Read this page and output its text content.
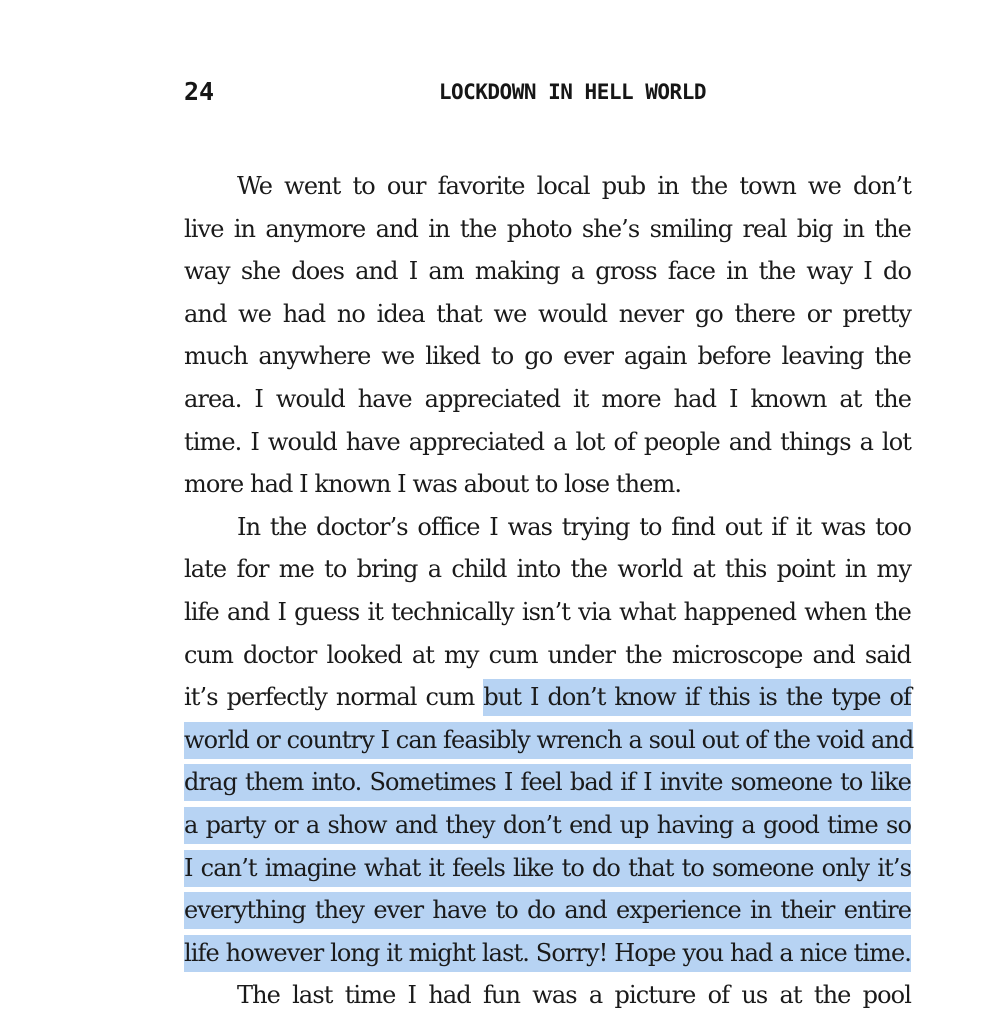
24	LOCKDOWN IN HELL WORLD
We went to our favorite local pub in the town we don’t
live in anymore and in the photo she’s smiling real big in the
way she does and I am making a gross face in the way I do
and we had no idea that we would never go there or pretty
much anywhere we liked to go ever again before leaving the
area. I would have appreciated it more had I known at the
time. I would have appreciated a lot of people and things a lot
more had I known I was about to lose them.
In the doctor’s office I was trying to find out if it was too
late for me to bring a child into the world at this point in my
life and I guess it technically isn’t via what happened when the
cum doctor looked at my cum under the microscope and said
it’s perfectly normal cum but I don’t know if this is the type of
world or country I can feasibly wrench a soul out of the void and
drag them into. Sometimes I feel bad if I invite someone to like
a party or a show and they don’t end up having a good time so
I can’t imagine what it feels like to do that to someone only it’s
everything they ever have to do and experience in their entire
life however long it might last. Sorry! Hope you had a nice time.
The last time I had fun was a picture of us at the pool
